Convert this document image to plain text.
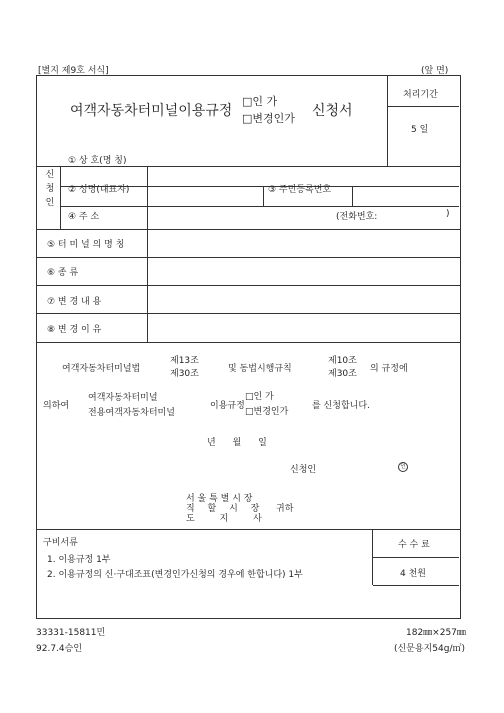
[별지 제9호 서식]	(앞 면)
여객자동차터미널이용규정
□인 가
□변경인가 신청서
처리기간
5 일
신
청
인
① 상 호(명 칭)
② 성명(대표자)	③ 주민등록번호
④ 주 소	(전화번호:	)
⑤ 터 미 널 의 명 칭
⑥ 종 류
⑦ 변 경 내 용
⑧ 변 경 이 유
여객자동차터미널법
제13조
제30조	및 동법시행규칙
제10조
제30조 의 규정에
의하여
여객자동차터미널
전용여객자동차터미널
이용규정
□인 가
□변경인가
를 신청합니다.
년 월 일
신청인	인
서 울 특 별 시 장
직 할 시 장
도 지 사
귀하
구비서류
1. 이용규정 1부
2. 이용규정의 신·구대조표(변경인가신청의 경우에 한합니다) 1부
수 수 료
4 천원
33331-15811민
92.7.4승인
182㎜×257㎜
(신문용지54g/㎡)
